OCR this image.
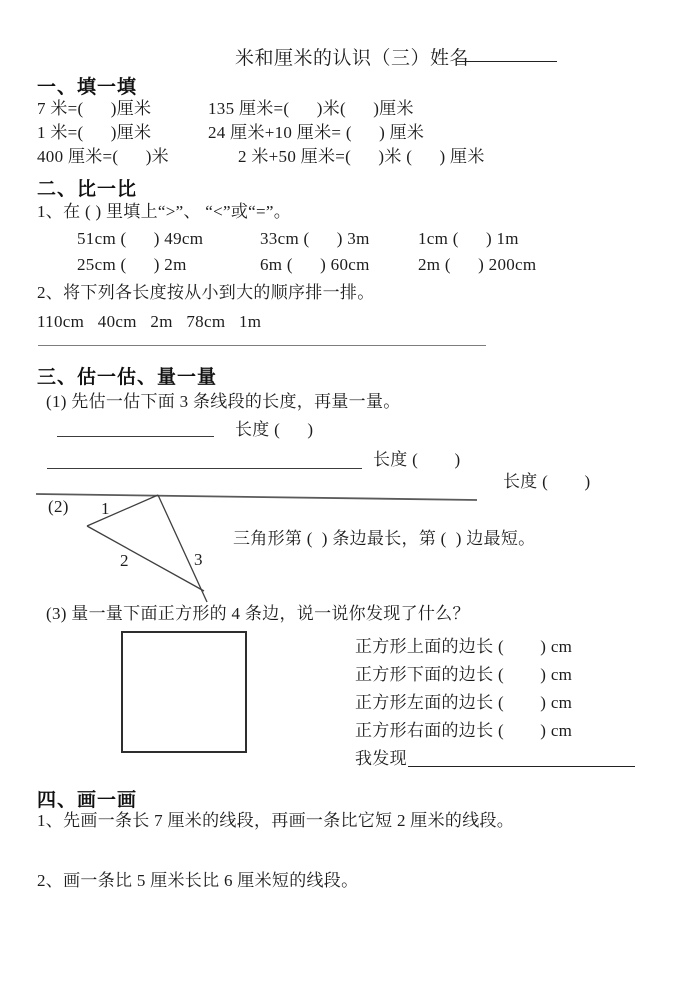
米和厘米的认识（三）姓名
一、填一填
7 米=(      )厘米	135 厘米=(      )米(      )厘米
1 米=(      )厘米	24 厘米+10 厘米= (      ) 厘米
400 厘米=(      )米	2 米+50 厘米=(      )米 (      ) 厘米
二、比一比
1、在 ( ) 里填上“>”、 “<”或“=”。
51cm (      ) 49cm	33cm (      ) 3m	1cm (      ) 1m
25cm (      ) 2m	6m (      ) 60cm	2m (      ) 200cm
2、将下列各长度按从小到大的顺序排一排。
110cm   40cm   2m   78cm   1m
三、估一估、量一量
(1) 先估一估下面 3 条线段的长度，再量一量。
长度 (      )
长度 (        )
长度 (        )
(2) 1
2	3
三角形第 (  ) 条边最长，第 (  ) 边最短。
(3) 量一量下面正方形的 4 条边，说一说你发现了什么？
正方形上面的边长 (        ) cm
正方形下面的边长 (        ) cm
正方形左面的边长 (        ) cm
正方形右面的边长 (        ) cm
我发现
四、画一画
1、先画一条长 7 厘米的线段，再画一条比它短 2 厘米的线段。
2、画一条比 5 厘米长比 6 厘米短的线段。
